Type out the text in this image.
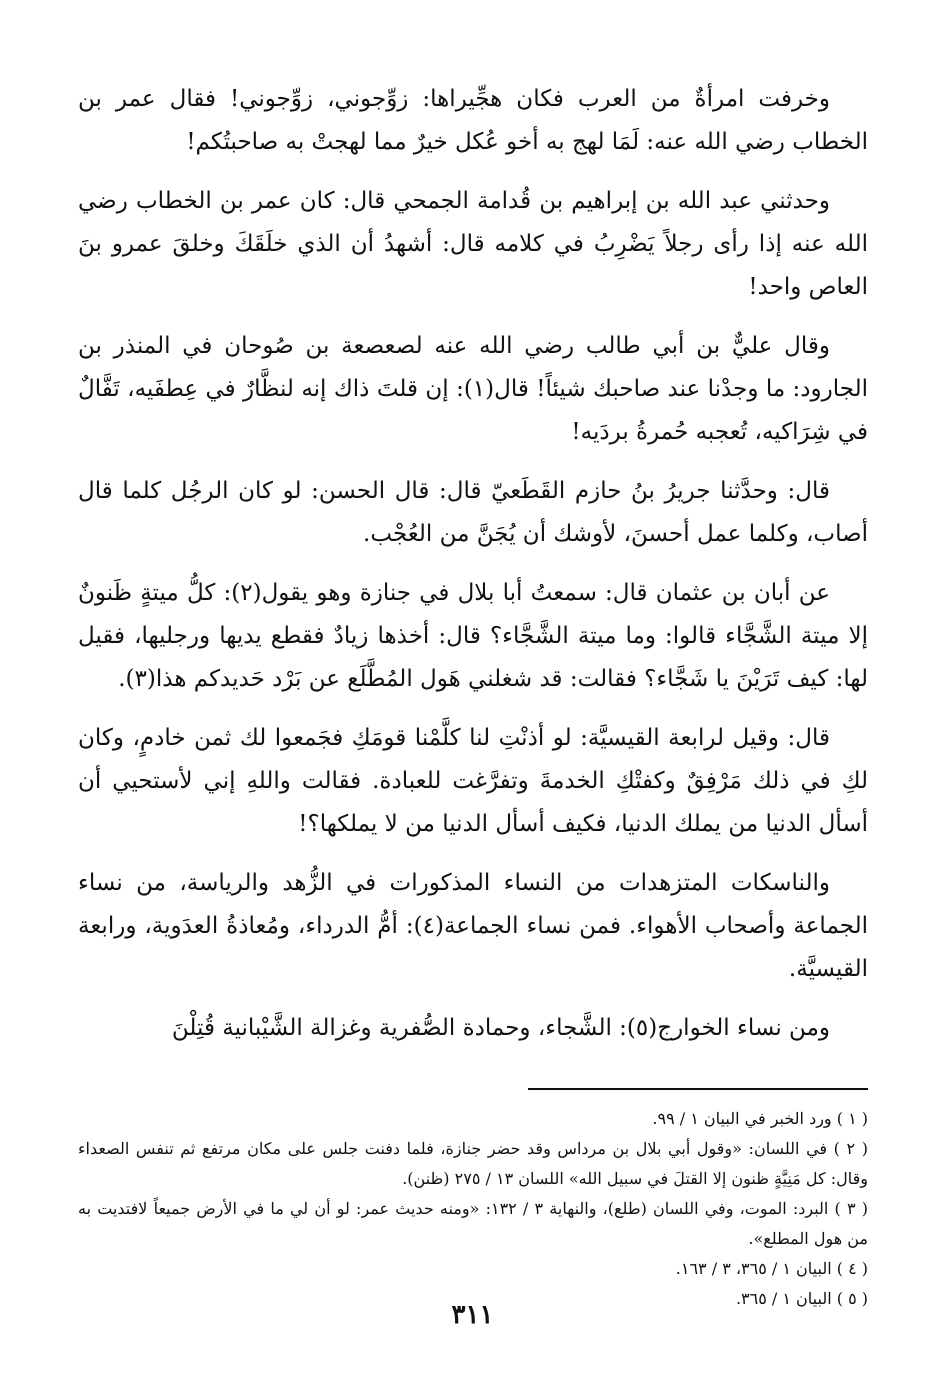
وخرفت امرأةٌ من العرب فكان هجِّيراها: زوِّجوني، زوِّجوني! فقال عمر بن الخطاب رضي الله عنه: لَمَا لهج به أخو عُكل خيرٌ مما لهجتْ به صاحبتُكم!

وحدثني عبد الله بن إبراهيم بن قُدامة الجمحي قال: كان عمر بن الخطاب رضي الله عنه إذا رأى رجلاً يَضْرِبُ في كلامه قال: أشهدُ أن الذي خلَقَكَ وخلقَ عمرو بنَ العاص واحد!

وقال عليٌّ بن أبي طالب رضي الله عنه لصعصعة بن صُوحان في المنذر بن الجارود: ما وجدْنا عند صاحبك شيئاً! قال(١): إن قلتَ ذاك إنه لنظَّارٌ في عِطفَيه، تَفَّالٌ في شِرَاكيه، تُعجبه حُمرةُ بردَيه!

قال: وحدَّثنا جريرُ بنُ حازم القَطَعيّ قال: قال الحسن: لو كان الرجُل كلما قال أصاب، وكلما عمل أحسنَ، لأوشك أن يُجَنَّ من العُجْب.

عن أبان بن عثمان قال: سمعتُ أبا بلال في جنازة وهو يقول(٢): كلُّ ميتةٍ ظَنونٌ إلا ميتة الشَّجَّاء قالوا: وما ميتة الشَّجَّاء؟ قال: أخذها زيادٌ فقطع يديها ورجليها، فقيل لها: كيف تَرَيْنَ يا شَجَّاء؟ فقالت: قد شغلني هَول المُطَّلَع عن بَرْد حَديدكم هذا(٣).

قال: وقيل لرابعة القيسيَّة: لو أذنْتِ لنا كلَّمْنا قومَكِ فجَمعوا لك ثمن خادمٍ، وكان لكِ في ذلك مَرْفِقٌ وكفتْكِ الخدمةَ وتفرَّغت للعبادة. فقالت واللهِ إني لأستحيي أن أسأل الدنيا من يملك الدنيا، فكيف أسأل الدنيا من لا يملكها؟!

والناسكات المتزهدات من النساء المذكورات في الزُّهد والرياسة، من نساء الجماعة وأصحاب الأهواء. فمن نساء الجماعة(٤): أمُّ الدرداء، ومُعاذةُ العدَوية، ورابعة القيسيَّة.

ومن نساء الخوارج(٥): الشَّجاء، وحمادة الصُّفرية وغزالة الشَّيْبانية قُتِلْنَ

( ١ ) ورد الخبر في البيان ١ / ٩٩.

( ٢ ) في اللسان: «وقول أبي بلال بن مرداس وقد حضر جنازة، فلما دفنت جلس على مكان مرتفع ثم تنفس الصعداء وقال: كل مَنِيَّةٍ ظنون إلا القتلَ في سبيل الله» اللسان ١٣ / ٢٧٥ (ظنن).

( ٣ ) البرد: الموت، وفي اللسان (طلع)، والنهاية ٣ / ١٣٢: «ومنه حديث عمر: لو أن لي ما في الأرض جميعاً لافتديت به من هول المطلع».

( ٤ ) البيان ١ / ٣٦٥، ٣ / ١٦٣.

( ٥ ) البيان ١ / ٣٦٥.

٣١١
